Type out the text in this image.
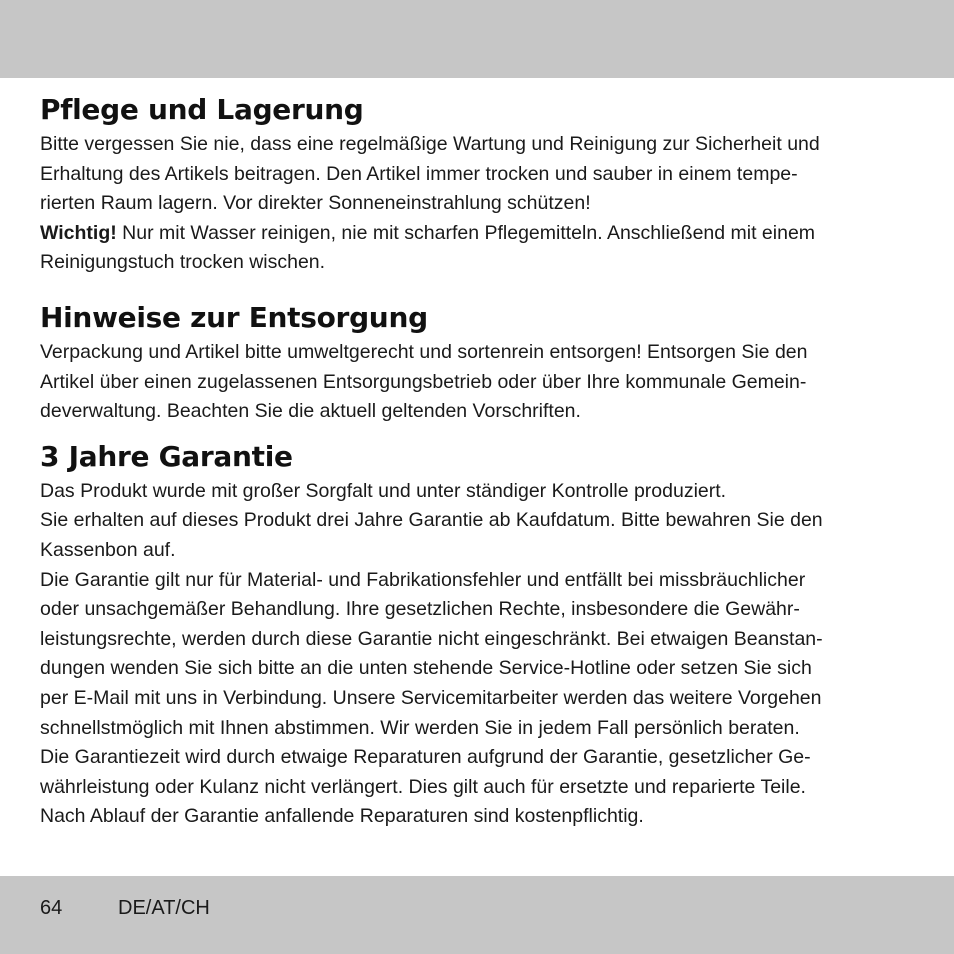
Pflege und Lagerung

Bitte vergessen Sie nie, dass eine regelmäßige Wartung und Reinigung zur Sicherheit und
Erhaltung des Artikels beitragen. Den Artikel immer trocken und sauber in einem tempe-
rierten Raum lagern. Vor direkter Sonneneinstrahlung schützen!
Wichtig! Nur mit Wasser reinigen, nie mit scharfen Pflegemitteln. Anschließend mit einem
Reinigungstuch trocken wischen.

Hinweise zur Entsorgung

Verpackung und Artikel bitte umweltgerecht und sortenrein entsorgen! Entsorgen Sie den
Artikel über einen zugelassenen Entsorgungsbetrieb oder über Ihre kommunale Gemein-
deverwaltung. Beachten Sie die aktuell geltenden Vorschriften.

3 Jahre Garantie

Das Produkt wurde mit großer Sorgfalt und unter ständiger Kontrolle produziert.
Sie erhalten auf dieses Produkt drei Jahre Garantie ab Kaufdatum. Bitte bewahren Sie den
Kassenbon auf.
Die Garantie gilt nur für Material- und Fabrikationsfehler und entfällt bei missbräuchlicher
oder unsachgemäßer Behandlung. Ihre gesetzlichen Rechte, insbesondere die Gewähr-
leistungsrechte, werden durch diese Garantie nicht eingeschränkt. Bei etwaigen Beanstan-
dungen wenden Sie sich bitte an die unten stehende Service-Hotline oder setzen Sie sich
per E-Mail mit uns in Verbindung. Unsere Servicemitarbeiter werden das weitere Vorgehen
schnellstmöglich mit Ihnen abstimmen. Wir werden Sie in jedem Fall persönlich beraten.
Die Garantiezeit wird durch etwaige Reparaturen aufgrund der Garantie, gesetzlicher Ge-
währleistung oder Kulanz nicht verlängert. Dies gilt auch für ersetzte und reparierte Teile.
Nach Ablauf der Garantie anfallende Reparaturen sind kostenpflichtig.

64	DE/AT/CH
